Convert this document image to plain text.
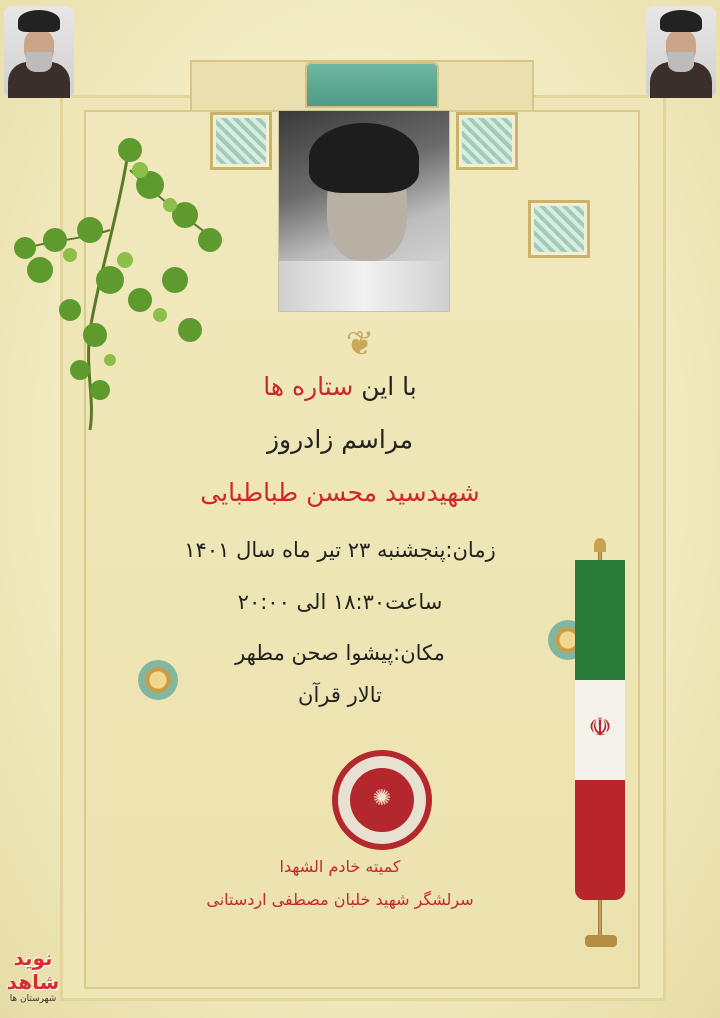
❦
با این ستاره ها
مراسم زادروز
شهیدسید محسن طباطبایی
زمان:پنجشنبه ۲۳ تیر ماه سال ۱۴۰۱
ساعت۱۸:۳۰ الی ۲۰:۰۰
مکان:پیشوا صحن مطهر
تالار قرآن
✺
کمیته خادم الشهدا
سرلشگر شهید خلبان مصطفی اردستانی
☫
نوید شاهد
شهرستان ها
